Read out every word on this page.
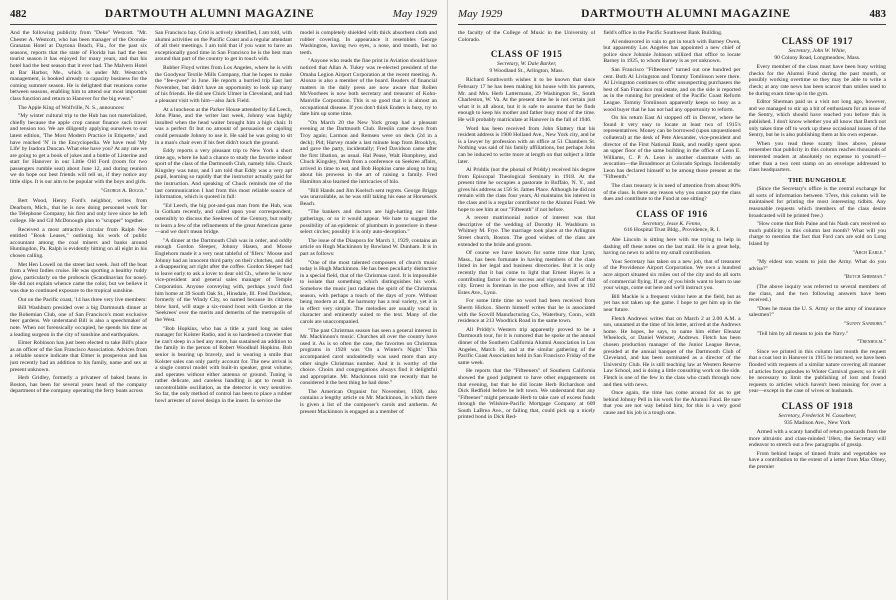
482	DARTMOUTH ALUMNI MAGAZINE	May 1929

And the following publicity from "Deke" Westcott. "Mr. Chester A. Westcott, who has been manager of the Oconda-Granatan Hotel at Daytona Beach, Fla., for the past six seasons, reports that the state of Florida has had the best tourist season it has enjoyed for many years, and that his hotel had the best season that it ever had. The Malvern Hotel at Bar Harbor, Me., which is under Mr. Westcott's management, is booked already to capacity business for the coming summer season. He is delighted that reunions come between seasons, enabling him to attend our most important class function and return to Hanover for the big event."

The Apple King of Wolfville, N. S., announces:

"My winter cultural trip to the Hub has not materialized, chiefly because the apple crop cannot finance such travel and tension too. We are diligently applying ourselves to our latest edition, 'The Most Modern Practice in Etiquette,' and have reached 'N' in the Encyclopedia. We have read 'My Life' by Isadora Duncan. What else have you? At any rate we are going to get a book of jokes and a bottle of Listerine and start for Hanover in our Little Old Ford (room for two passengers rumble seat) about June 12, and during reunion we do hope our best friends will tell us, if they notice any little slips. It is our aim to be popular with the boys and girls.

"George A. Boggs."

Bert Wood, Henry Ford's neighbor, writes from Dearborn, Mich., that he is now doing personnel work for the Telephone Company, his first and only love since he left college. He and Gil McDonough plan to "scupper" together.

Received a most attractive circular from Ralph Nee entitled "Book Leases," outlining his work of public accountant among the coal miners and banks around Huntingdon, Pa. Ralph is evidently hitting on all eight in his chosen calling.

Met Hen Lowell on the street last week. Just off the boat from a West Indies cruise. He was sporting a healthy ruddy glow, particularly on the proboscis (Scandinavian for nose). He did not explain whence came the color, but we believe it was due to continued exposure to the tropical sunshine.

Out on the Pacific coast, '14 has three very live members:

Bill Washburn presided over a big Dartmouth dinner at the Bohemian Club, one of San Francisco's most exclusive beer gardens. We understand Bill is also a speechmaker of note. When not forensically occupied, he spends his time as a leading surgeon in the city of sunshine and earthquakes.

Elmer Robinson has just been elected to take Bill's place as an officer of the San Francisco Association. Advices from a reliable source indicate that Elmer is prosperous and has just recently had an addition to his family, name and sex at present unknown.

Herb Gridley, formerly a privateer of baked beans in Boston, has been for several years head of the company department of the company operating the ferry boats across

San Francisco bay. Grid is actively identified, I am told, with alumni activities on the Pacific Coast and a regular attendant of all their meetings. I am told that if you want to have an exceptionally good time in San Francisco he is the best man around that part of the country to get in touch with.

Rubber Floyd writes from Los Angeles, where he is with the Goodyear Textile Mills Company, that he hopes to make the "fee-qwee" in June. He reports a hurried trip East last November, but didn't have an opportunity to look up many of his friends. He did see Chick Ulmer in Cleveland, and had a pleasant visit with him—also Jack Field.

At a luncheon at the Parker House attended by Ed Leech, John Plane, and the writer last week, Johnny was highly insulted when the head waiter brought him a high chair. It was a perfect fit but no amount of persuasion or cajoling could persuade Johnny to use it. He said he was going to sit in a man's chair even if his feet didn't touch the ground.

Eddy reports a very pleasant trip to New York a short time ago, where he had a chance to study the favorite indoor sport of the class of the Dartmouth Club, namely hilo. Chuck Kingsley was tutor, and I am told that Eddy was a very apt pupil, learning so rapidly that the instructor actually paid for the instruction. And speaking of Chuck reminds me of the last communication I had from this most reliable source of information, which is quoted in full:

"Ed Leech, the big pot-and-pan man from the Hub, was in Gotham recently, and called upon your correspondent, ostensibly to discuss the Seekrees of the Century, but really to learn a few of the refinements of the great American game—and we don't mean bridge.

"A dinner at the Dartmouth Club was in order, and oddly enough Gordon Sleeper, Johnny Hasen, and Moose Englehorn made it a very neat tableful of 'fifers.' Moose and Johnny had an innocent third party on their clutches, and did a disappearing act right after the coffee. Gordon Sleeper had to leave early to ask a lover to dear old Ch., where he is now vice-president and general sales manager of Temple Corporation. Anyone conveying with, perhaps you'd find him home at 39 South Oak St., Hinsdale, Ill. Fred Davidson, formerly of the Windy City, so named because its citizens blow hard, will stage a six-round bout with Gordon at the 'Seekrees' over the merits and demerits of the metropolis of the West.

"Bob Hopkins, who has a title a yard long as sales manager for Kolster Radio, and is so hardened a traveler that he can't sleep in a bed any more, has sustained an addition to the family in the person of Robert Woodhull Hopkins. Bob senior is bearing up bravely, and is wearing a smile that Kolster sales can only partly account for. The new arrival is a single control model with built-in speaker, great volume, and operates without either antenna or ground. Tuning is rather delicate, and careless handling is apt to result in uncontrollable oscillation, as the detector is very sensitive. So far, the only method of control has been to place a rubber howl arrester of novel design in the insert. In service the

model is completely shielded with thick absorbent cloth and rubber covering. In appearance it resembles George Washington, having two eyes, a nose, and mouth, but no teeth.

"Anyone who reads the fine print in Aviation should have noticed that Allan A. Tukey was re-elected president of the Omaha Legion Airport Corporation at the recent meeting. A. Alonzo is also a member of the board. Readers of financial matters in the daily press are now aware that Rollen McVoorhees is now both secretary and treasurer of Kohn-Manville Corporation. This is so good that it is almost an occupational disease. If you don't think Enders is busy, try to date him up some time.

"On March 20 the New York group had a pleasant evening at the Dartmouth Club. Breslin came down from Troy again; Larmon and Remsen were on deck (2d in a deck); Pid; Harvey made a last minute leap from Brooklyn, and gave the party, incidentally; Fred Davidson came after the first libation, as usual. Hal Pease, Walt Humphrey, and Chuck Kingsley, fresh from a conference on Seekree affairs, arrived in time to eat, and Bob Hopkins came along to brag about his prowess in the art of raising a family. Fred Hamilton also learned the intricacies of hilo.

"Bill Hands and Jim Koelsch sent regrets. George Briggs was unavailable, as he was still taking his ease at Horseneck Beach.

"The bankers and doctors are high-hatting our little gatherings, or so it would appear. We hate to suggest the possibility of an epidemic of plumbum in posteriore in these select circles; possibly it is only auto-deception."

The issue of the Diaspora for March 1, 1929, contains an article on Hugh Mackinnon by Rowland W. Dunham. It is in part as follows:

"One of the most talented composers of church music today is Hugh Mackinnon. He has been peculiarly distinctive in a special field, that of the Christmas carol. It is impossible to isolate that something which distinguishes his work. Somehow the music just radiates the spirit of the Christmas season, with perhaps a touch of the days of yore. Without being modern at all, the harmony has a real variety, yet it is in effect very simple. The melodies are usually vocal in character and eminently suited to the text. Many of the carols are unaccompanied.

"The past Christmas season has seen a general interest in Mr. Mackinnon's music. Churches all over the country have used it. As is so often the case, the favorites on Christmas programs in 1928 was 'On a Winter's Night.' This accompanied carol undoubtedly was used more than any other single Christmas number. And it is worthy of the choice. Choirs and congregations always find it delightful and appropriate. Mr. Mackinnon told me recently that he considered it the best thing he had done."

The American Organist for November, 1928, also contains a lengthy article on Mr. Mackinnon, in which there is given a list of the composer's carols and anthems. At present Mackinnon is engaged as a member of

May 1929	DARTMOUTH ALUMNI MAGAZINE	483

the faculty of the College of Music in the University of Colorado.

CLASS OF 1915
Secretary, W. Dale Barker,
9 Woodland St., Arlington, Mass.

Richard Southworth wishes it to be known that since February 17 he has been making his house with his parents, Mr. and Mrs. Herb Lattermann, 29 Washington St., South Charleston, W. Va. At the present time he is not certain just what it is all about, but it is safe to assume that he finds enough to keep his mother and father busy most of the time. He will probably matriculate at Hanover in the fall of 1946.

Word has been received from John Slattery that his resident address is 1900 Holland Ave., New York city, and he is a lawyer by profession with an office at 51 Chambers St. Nothing was said of his family affiliations, but perhaps John can be induced to write more at length on that subject a little later.

Al Priddis (not the phonal of Priddy) received his degree from Episcopal Theological Seminary in 1918. At the present time he occupies a pastorate in Buffalo, N. Y., and gives his address as 156 St. James Place. Although he did not remain with the class four years, Al maintains his interest in the class and is a regular contributor to the Alumni Fund. We hope to see him at our "Fifteenth" if not before.

A recent matrimonial notice of interest was that descriptive of the wedding of Dorothy H. Washburn to Whitney M. Frye. The marriage took place at the Arlington Street church, Boston. The good wishes of the class are extended to the bride and groom.

Of course we have known for some time that Lynn, Mass., has been fortunate in having members of the class listed in her legal and business directories. But it is only recently that it has come to light that Ernest Hayes is a contributing factor in the success and vigorous stuff of that city. Ernest is foreman in the post office, and lives at 192 Estes Ave., Lynn.

For some little time no word had been received from Sherm Hickox. Sherm himself writes that he is associated with the Scovill Manufacturing Co., Waterbury, Conn., with residence at 213 Woodtick Road in the same town.

All Priddy's Western trip apparently proved to be a Dartmouth tour, for it is rumored that he spoke at the annual dinner of the Southern California Alumni Association in Los Angeles, March 16, and at the similar gathering of the Pacific Coast Association held in San Francisco Friday of the same week.

He reports that the "Fifteeners" of Southern California showed the good judgment to have other engagements on that evening, but that he did locate Herb Richardson and Dick Redfield before he left town. We understand that any "Fifteener" might persuade Herb to take care of excess funds through the Wilshire-Pacific Mortgage Company at 609 South LaBrea Ave., or failing that, could pick up a nicely printed bond in Dick Red-

field's office in the Pacific Southwest Bank Building.

Al endeavored in vain to get in touch with Barney Owen, but apparently Los Angeles has appointed a new chief of police since Johnnie Johnson utilized that office to locate Barney in 1925, to whom Barney is as yet unknown.

San Francisco "Fifteeners" turned out one hundred per cent. Both Al Livingston and Tommy Tomlinson were there. Al Livingston continues to offer unsuspecting purchasers the best of San Francisco real estate, and on the side is reported as in the running for president of the Pacific Coast Reform League. Tommy Tomlinson apparently keeps so busy as a wood buyer that he has not had any opportunity to reform.

On his return East Al stopped off in Denver, where he found it very easy to locate at least two of 1915's representatives. Money can be borrowed (upon unquestioned collateral) at the desk of Pete Alexander, vice-president and director of the First National Bank, and readily spent upon an upper floor of the same building in the office of Leon E. Williams, C. P. A. Leon is another classmate with an avocation—the Broadmoor at Colorado Springs. Incidentally Leon has declared himself to be among those present at the "Fifteenth."

The class treasury is in need of attention from about 80% of the class. Is there any reason why you cannot pay the class dues and contribute to the Fund at one sitting?

CLASS OF 1916
Secretary, Jesse K. Fenno,
616 Hospital Trust Bldg., Providence, R. I.

Abe Lincoln is sitting here with me trying to help in dashing off these notes on the last mail. He is a great help, having no news to add to my small contribution.

Your Secretary has taken on a new job, that of treasurer of the Providence Airport Corporation. We own a hundred acre airport situated six miles out of the city and do all sorts of commercial flying. If any of you birds want to learn to use your wings, come out here and we'll instruct you.

Bill Mackie is a frequent visitor here at the field, but as yet has not taken up the game. I hope to get him up in the near future.

Fletch Andrews writes that on March 2 at 2.00 A.M. a son, unnamed at the time of his letter, arrived at the Andrews home. He hopes, he says, to name him either Eleazar Wheelock, or Daniel Webster, Andrews. Fletch has been chosen production manager of the Junior League Revue, presided at the annual banquet of the Dartmouth Club of Cleveland, and has been nominated as a director of the University Club. He is still teaching law at Western Reserve Law School, and is doing a little consulting work on the side. Fletch is one of the few in the class who crash through now and then with news.

Once again, the time has come around for us to get behind Johnny Pell in his work for the Alumni Fund. Be sure that you are not way behind him, for this is a very good cause and his job is a tough one.

CLASS OF 1917
Secretary, John W. White,
90 Colony Road, Longmeadow, Mass.

Every member of the class must have been busy writing checks for the Alumni Fund during the past month, or possibly working overtime so they may be able to write a check; at any rate news has been scarcer than smiles used to be during exam time up in the gym.

Editor Sherman paid us a visit not long ago, however, and we managed to stir up a bit of enthusiasm for an issue of the Sentry, which should have reached you before this is published. I don't know whether you all know that Butch not only takes time off to work up these occasional issues of the Sentry, but he is also publishing them at his own expense.

When you read these scanty lines above, please remember that publicity in this column reaches thousands of interested readers at absolutely no expense to yourself—other than a two cent stamp on an envelope addressed to class headquarters.

THE BUNGHOLE

(Since the Secretary's office is the central exchange for all sorts of information between '17ers, this column will be maintained for printing the most interesting tidbits. Any reasonable requests which members of the class desire broadcasted will be printed free.)

"How come that Bob Paine and his Nash cars received so much publicity in this column last month? What will you charge to mention the fact that Ford cars are sold on Long Island by

"Arch Earle."

"My eldest son wants to join the Army. What do you advise?"

"Butch Sherman."

(The above inquiry was referred to several members of the class, and the two following answers have been received.)

"Does he mean the U. S. Army or the army of insurance salesmen?"

"Sunny Sanborn."

"Tell him by all means to join the Navy."

"Trenholm."

Since we printed in this column last month the request that a coat lost in Hanover in 1915 be returned, we have been flooded with requests of a similar nature covering all manner of articles from galoshes to Winter Carnival guests; so it will be necessary to limit the publishing of lost and found requests to articles which haven't been missing for over a year—except in the case of wives or husbands.

CLASS OF 1918
Secretary, Frederick W. Cassebeer,
935 Madison Ave., New York

Armed with a scanty handful of return postcards from the more altruistic and class-minded '18ers, the Secretary will endeavor to stretch out a few paragraphs of gossip.

From behind heaps of tinned fruits and vegetables we have a contribution to the extent of a letter from Max Olney, the premier
